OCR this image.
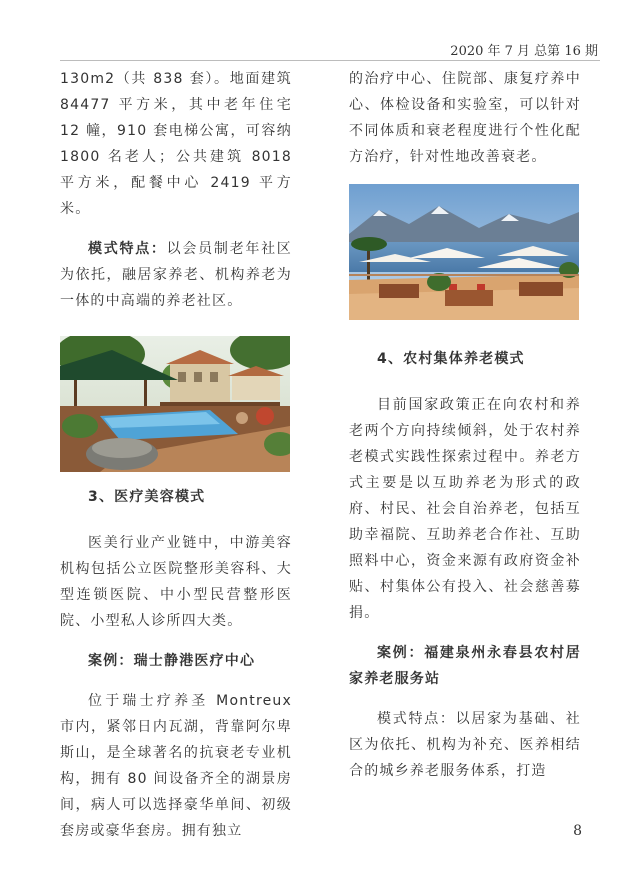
2020 年 7 月 总第 16 期

130m2（共 838 套）。地面建筑 84477 平方米，其中老年住宅 12 幢，910 套电梯公寓，可容纳 1800 名老人；公共建筑 8018 平方米，配餐中心 2419 平方米。

模式特点：以会员制老年社区为依托，融居家养老、机构养老为一体的中高端的养老社区。

3、医疗美容模式

医美行业产业链中，中游美容机构包括公立医院整形美容科、大型连锁医院、中小型民营整形医院、小型私人诊所四大类。

案例：瑞士静港医疗中心

位于瑞士疗养圣 Montreux 市内，紧邻日内瓦湖，背靠阿尔卑斯山，是全球著名的抗衰老专业机构，拥有 80 间设备齐全的湖景房间，病人可以选择豪华单间、初级套房或豪华套房。拥有独立

的治疗中心、住院部、康复疗养中心、体检设备和实验室，可以针对不同体质和衰老程度进行个性化配方治疗，针对性地改善衰老。

4、农村集体养老模式

目前国家政策正在向农村和养老两个方向持续倾斜，处于农村养老模式实践性探索过程中。养老方式主要是以互助养老为形式的政府、村民、社会自治养老，包括互助幸福院、互助养老合作社、互助照料中心，资金来源有政府资金补贴、村集体公有投入、社会慈善募捐。

案例：福建泉州永春县农村居家养老服务站

模式特点：以居家为基础、社区为依托、机构为补充、医养相结合的城乡养老服务体系，打造

8
